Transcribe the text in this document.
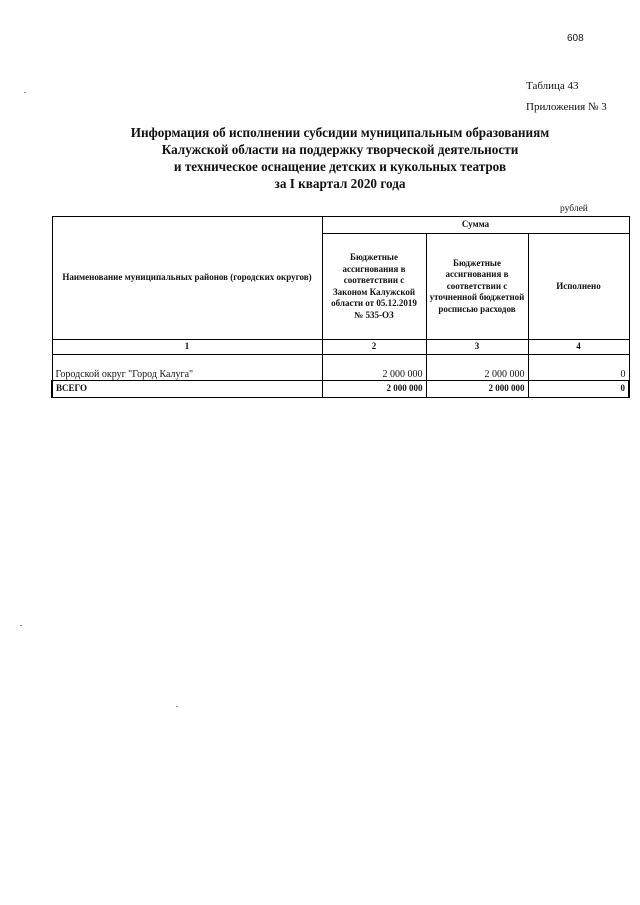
608
Таблица 43
Приложения № 3
Информация об исполнении субсидии муниципальным образованиям
Калужской области на поддержку творческой деятельности
и техническое оснащение детских и кукольных театров
за I квартал 2020 года
рублей
Наименование муниципальных районов (городских округов)	Сумма		
	Бюджетные ассигнования в соответствии с Законом Калужской области от 05.12.2019 № 535-ОЗ	Бюджетные ассигнования в соответствии с уточненной бюджетной росписью расходов	Исполнено
1	2	3	4
Городской округ "Город Калуга"	2 000 000	2 000 000	0
ВСЕГО	2 000 000	2 000 000	0
